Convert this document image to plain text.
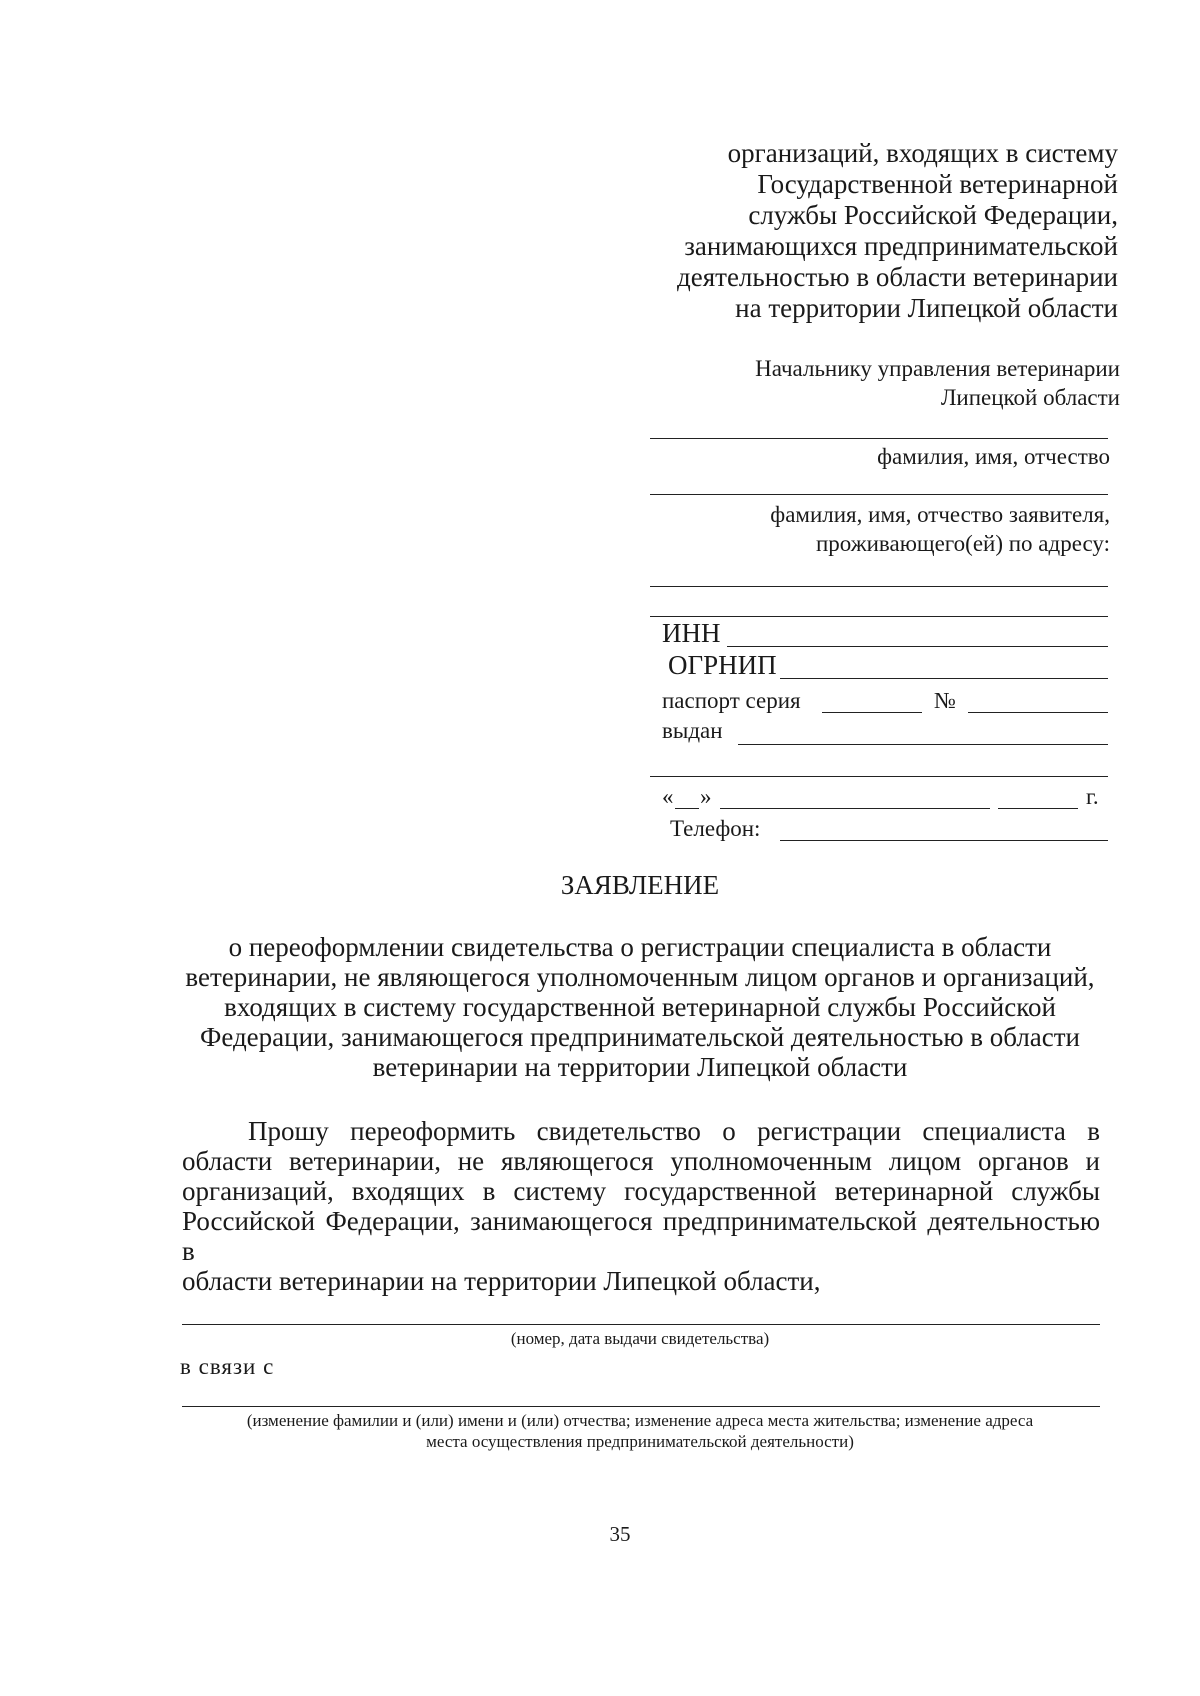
организаций, входящих в систему
Государственной ветеринарной
службы Российской Федерации,
занимающихся предпринимательской
деятельностью в области ветеринарии
на территории Липецкой области
Начальнику управления ветеринарии
Липецкой области
фамилия, имя, отчество
фамилия, имя, отчество заявителя,
проживающего(ей) по адресу:
ИНН
ОГРНИП
паспорт серия	№
выдан
« »	г.
Телефон:
ЗАЯВЛЕНИЕ
о переоформлении свидетельства о регистрации специалиста в области
ветеринарии, не являющегося уполномоченным лицом органов и организаций,
входящих в систему государственной ветеринарной службы Российской
Федерации, занимающегося предпринимательской деятельностью в области
ветеринарии на территории Липецкой области
Прошу переоформить свидетельство о регистрации специалиста в
области ветеринарии, не являющегося уполномоченным лицом органов и
организаций, входящих в систему государственной ветеринарной службы
Российской Федерации, занимающегося предпринимательской деятельностью в
области ветеринарии на территории Липецкой области,
(номер, дата выдачи свидетельства)
в связи с
(изменение фамилии и (или) имени и (или) отчества; изменение адреса места жительства; изменение адреса
места осуществления предпринимательской деятельности)
35
